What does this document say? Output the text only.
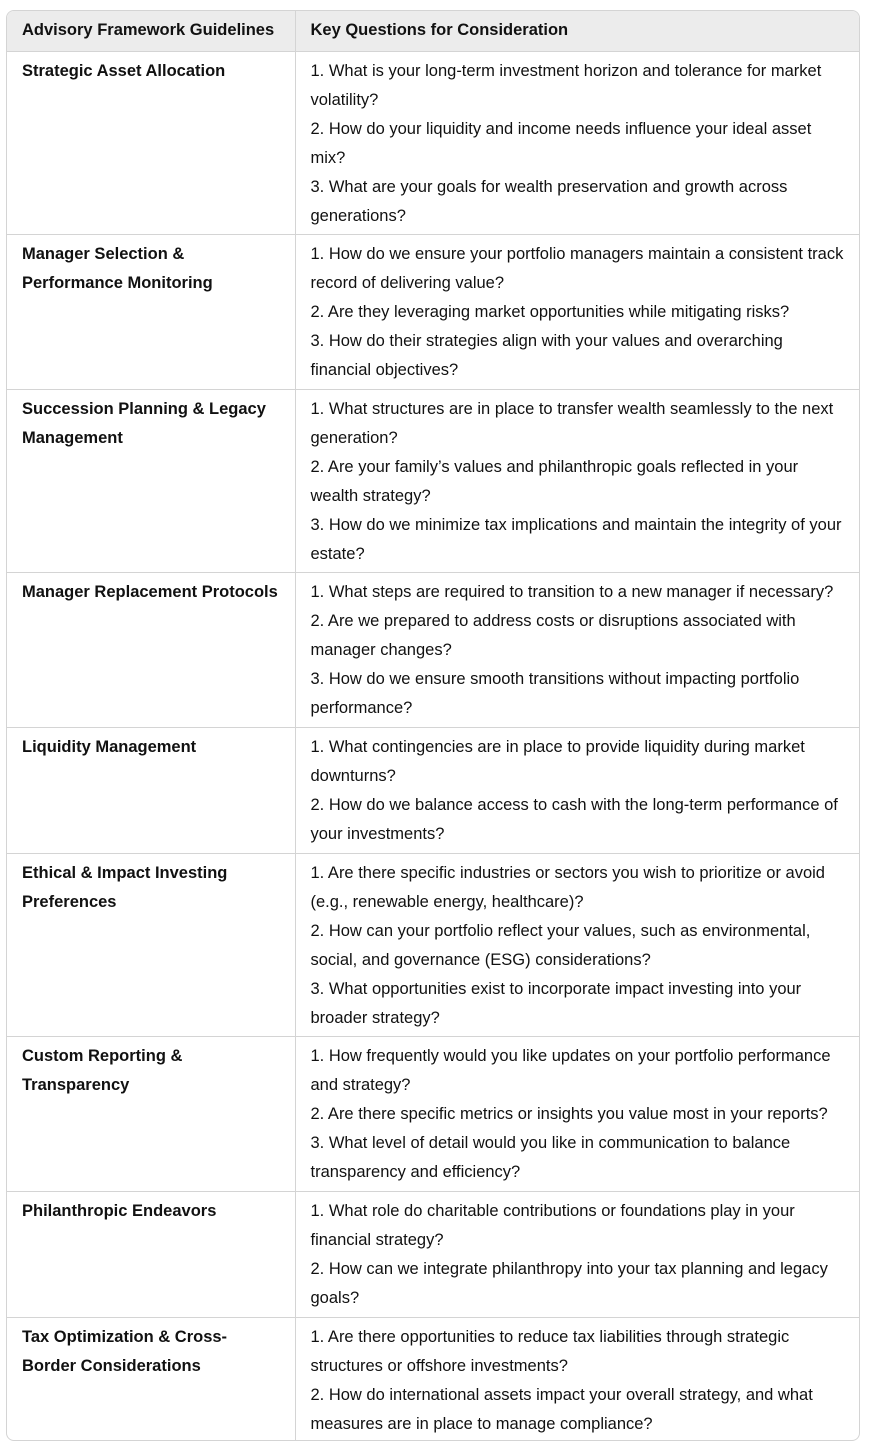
Advisory Framework Guidelines	Key Questions for Consideration
Strategic Asset Allocation	1. What is your long-term investment horizon and tolerance for market volatility?
2. How do your liquidity and income needs influence your ideal asset mix?
3. What are your goals for wealth preservation and growth across generations?

Manager Selection & Performance Monitoring	1. How do we ensure your portfolio managers maintain a consistent track record of delivering value?
2. Are they leveraging market opportunities while mitigating risks?
3. How do their strategies align with your values and overarching financial objectives?

Succession Planning & Legacy Management	1. What structures are in place to transfer wealth seamlessly to the next generation?
2. Are your family’s values and philanthropic goals reflected in your wealth strategy?
3. How do we minimize tax implications and maintain the integrity of your estate?

Manager Replacement Protocols	1. What steps are required to transition to a new manager if necessary?
2. Are we prepared to address costs or disruptions associated with manager changes?
3. How do we ensure smooth transitions without impacting portfolio performance?

Liquidity Management	1. What contingencies are in place to provide liquidity during market downturns?
2. How do we balance access to cash with the long-term performance of your investments?

Ethical & Impact Investing Preferences	1. Are there specific industries or sectors you wish to prioritize or avoid (e.g., renewable energy, healthcare)?
2. How can your portfolio reflect your values, such as environmental, social, and governance (ESG) considerations?
3. What opportunities exist to incorporate impact investing into your broader strategy?

Custom Reporting & Transparency	1. How frequently would you like updates on your portfolio performance and strategy?
2. Are there specific metrics or insights you value most in your reports?
3. What level of detail would you like in communication to balance transparency and efficiency?

Philanthropic Endeavors	1. What role do charitable contributions or foundations play in your financial strategy?
2. How can we integrate philanthropy into your tax planning and legacy goals?

Tax Optimization & Cross-Border Considerations	1. Are there opportunities to reduce tax liabilities through strategic structures or offshore investments?
2. How do international assets impact your overall strategy, and what measures are in place to manage compliance?
